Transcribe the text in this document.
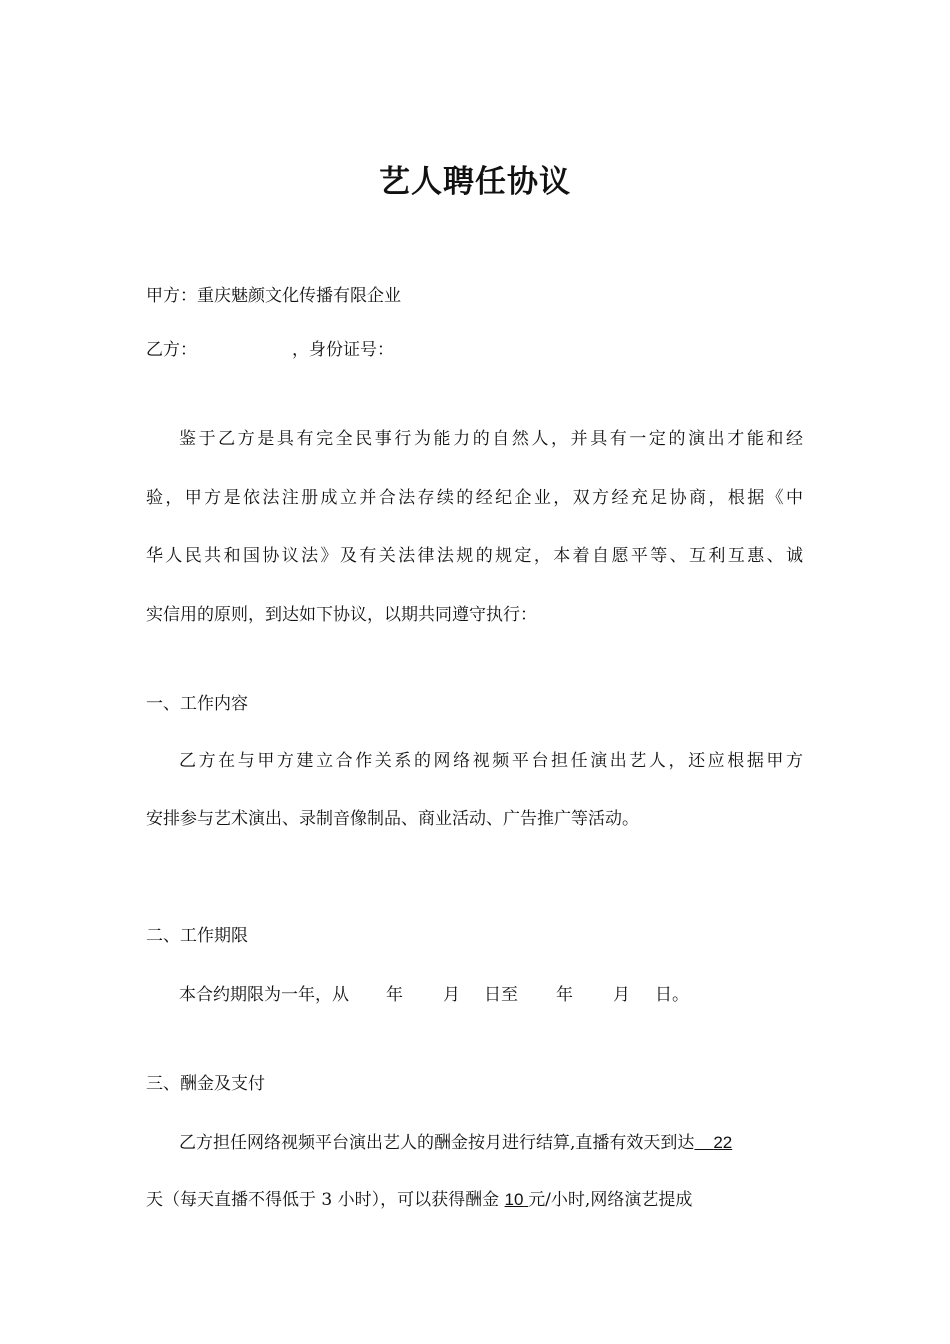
艺人聘任协议
甲方：重庆魅颜文化传播有限企业
乙方：	，身份证号：
鉴于乙方是具有完全民事行为能力的自然人，并具有一定的演出才能和经
验，甲方是依法注册成立并合法存续的经纪企业，双方经充足协商，根据《中
华人民共和国协议法》及有关法律法规的规定，本着自愿平等、互利互惠、诚
实信用的原则，到达如下协议，以期共同遵守执行：
一、工作内容
乙方在与甲方建立合作关系的网络视频平台担任演出艺人，还应根据甲方
安排参与艺术演出、录制音像制品、商业活动、广告推广等活动。
二、工作期限
本合约期限为一年，从 年 月 日至 年 月 日。
三、酬金及支付
乙方担任网络视频平台演出艺人的酬金按月进行结算,直播有效天到达 22
天（每天直播不得低于 3 小时），可以获得酬金 10 元/小时,网络演艺提成
